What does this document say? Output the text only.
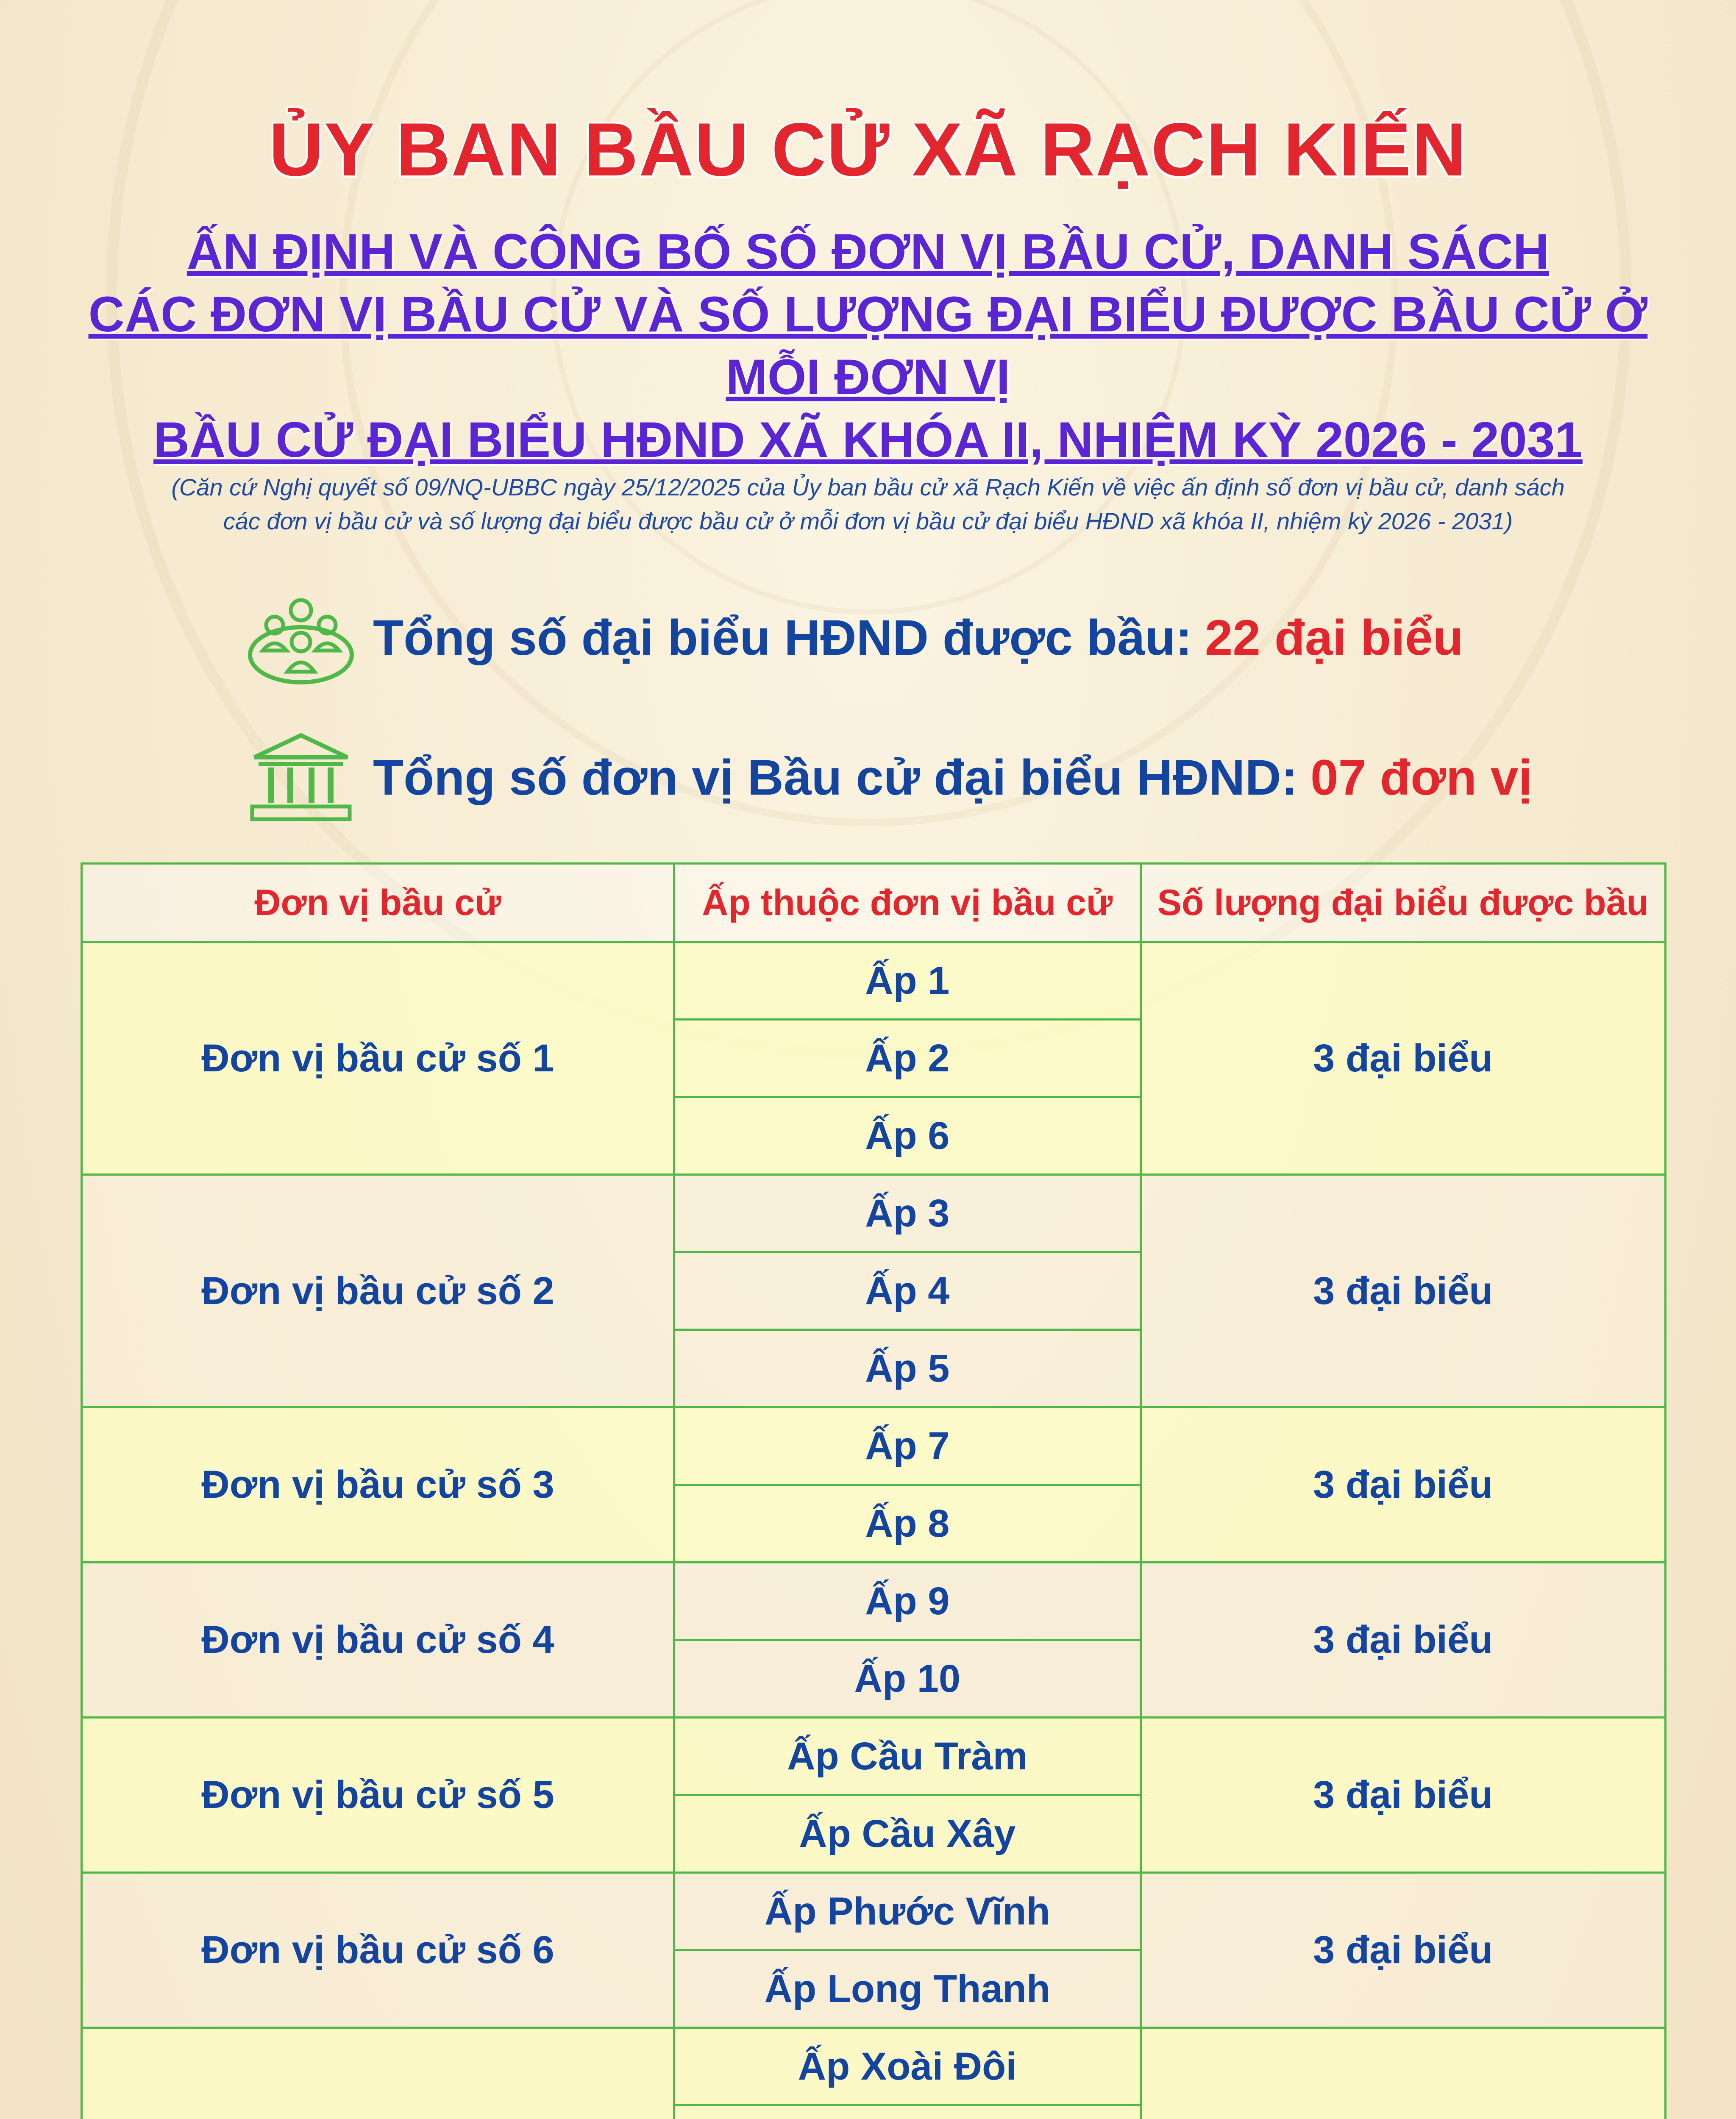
ỦY BAN BẦU CỬ XÃ RẠCH KIẾN
ẤN ĐỊNH VÀ CÔNG BỐ SỐ ĐƠN VỊ BẦU CỬ, DANH SÁCH
CÁC ĐƠN VỊ BẦU CỬ VÀ SỐ LƯỢNG ĐẠI BIỂU ĐƯỢC BẦU CỬ Ở MỖI ĐƠN VỊ
BẦU CỬ ĐẠI BIỂU HĐND XÃ KHÓA II, NHIỆM KỲ 2026 - 2031
(Căn cứ Nghị quyết số 09/NQ-UBBC ngày 25/12/2025 của Ủy ban bầu cử xã Rạch Kiến về việc ấn định số đơn vị bầu cử, danh sách
các đơn vị bầu cử và số lượng đại biểu được bầu cử ở mỗi đơn vị bầu cử đại biểu HĐND xã khóa II, nhiệm kỳ 2026 - 2031)
Tổng số đại biểu HĐND được bầu: 22 đại biểu
Tổng số đơn vị Bầu cử đại biểu HĐND: 07 đơn vị
Đơn vị bầu cử	Ấp thuộc đơn vị bầu cử	Số lượng đại biểu được bầu
Đơn vị bầu cử số 1	Ấp 1	3 đại biểu
	Ấp 2	
	Ấp 6	
Đơn vị bầu cử số 2	Ấp 3	3 đại biểu
	Ấp 4	
	Ấp 5	
Đơn vị bầu cử số 3	Ấp 7	3 đại biểu
	Ấp 8	
Đơn vị bầu cử số 4	Ấp 9	3 đại biểu
	Ấp 10	
Đơn vị bầu cử số 5	Ấp Cầu Tràm	3 đại biểu
	Ấp Cầu Xây	
Đơn vị bầu cử số 6	Ấp Phước Vĩnh	3 đại biểu
	Ấp Long Thanh	
	Ấp Xoài Đôi	
